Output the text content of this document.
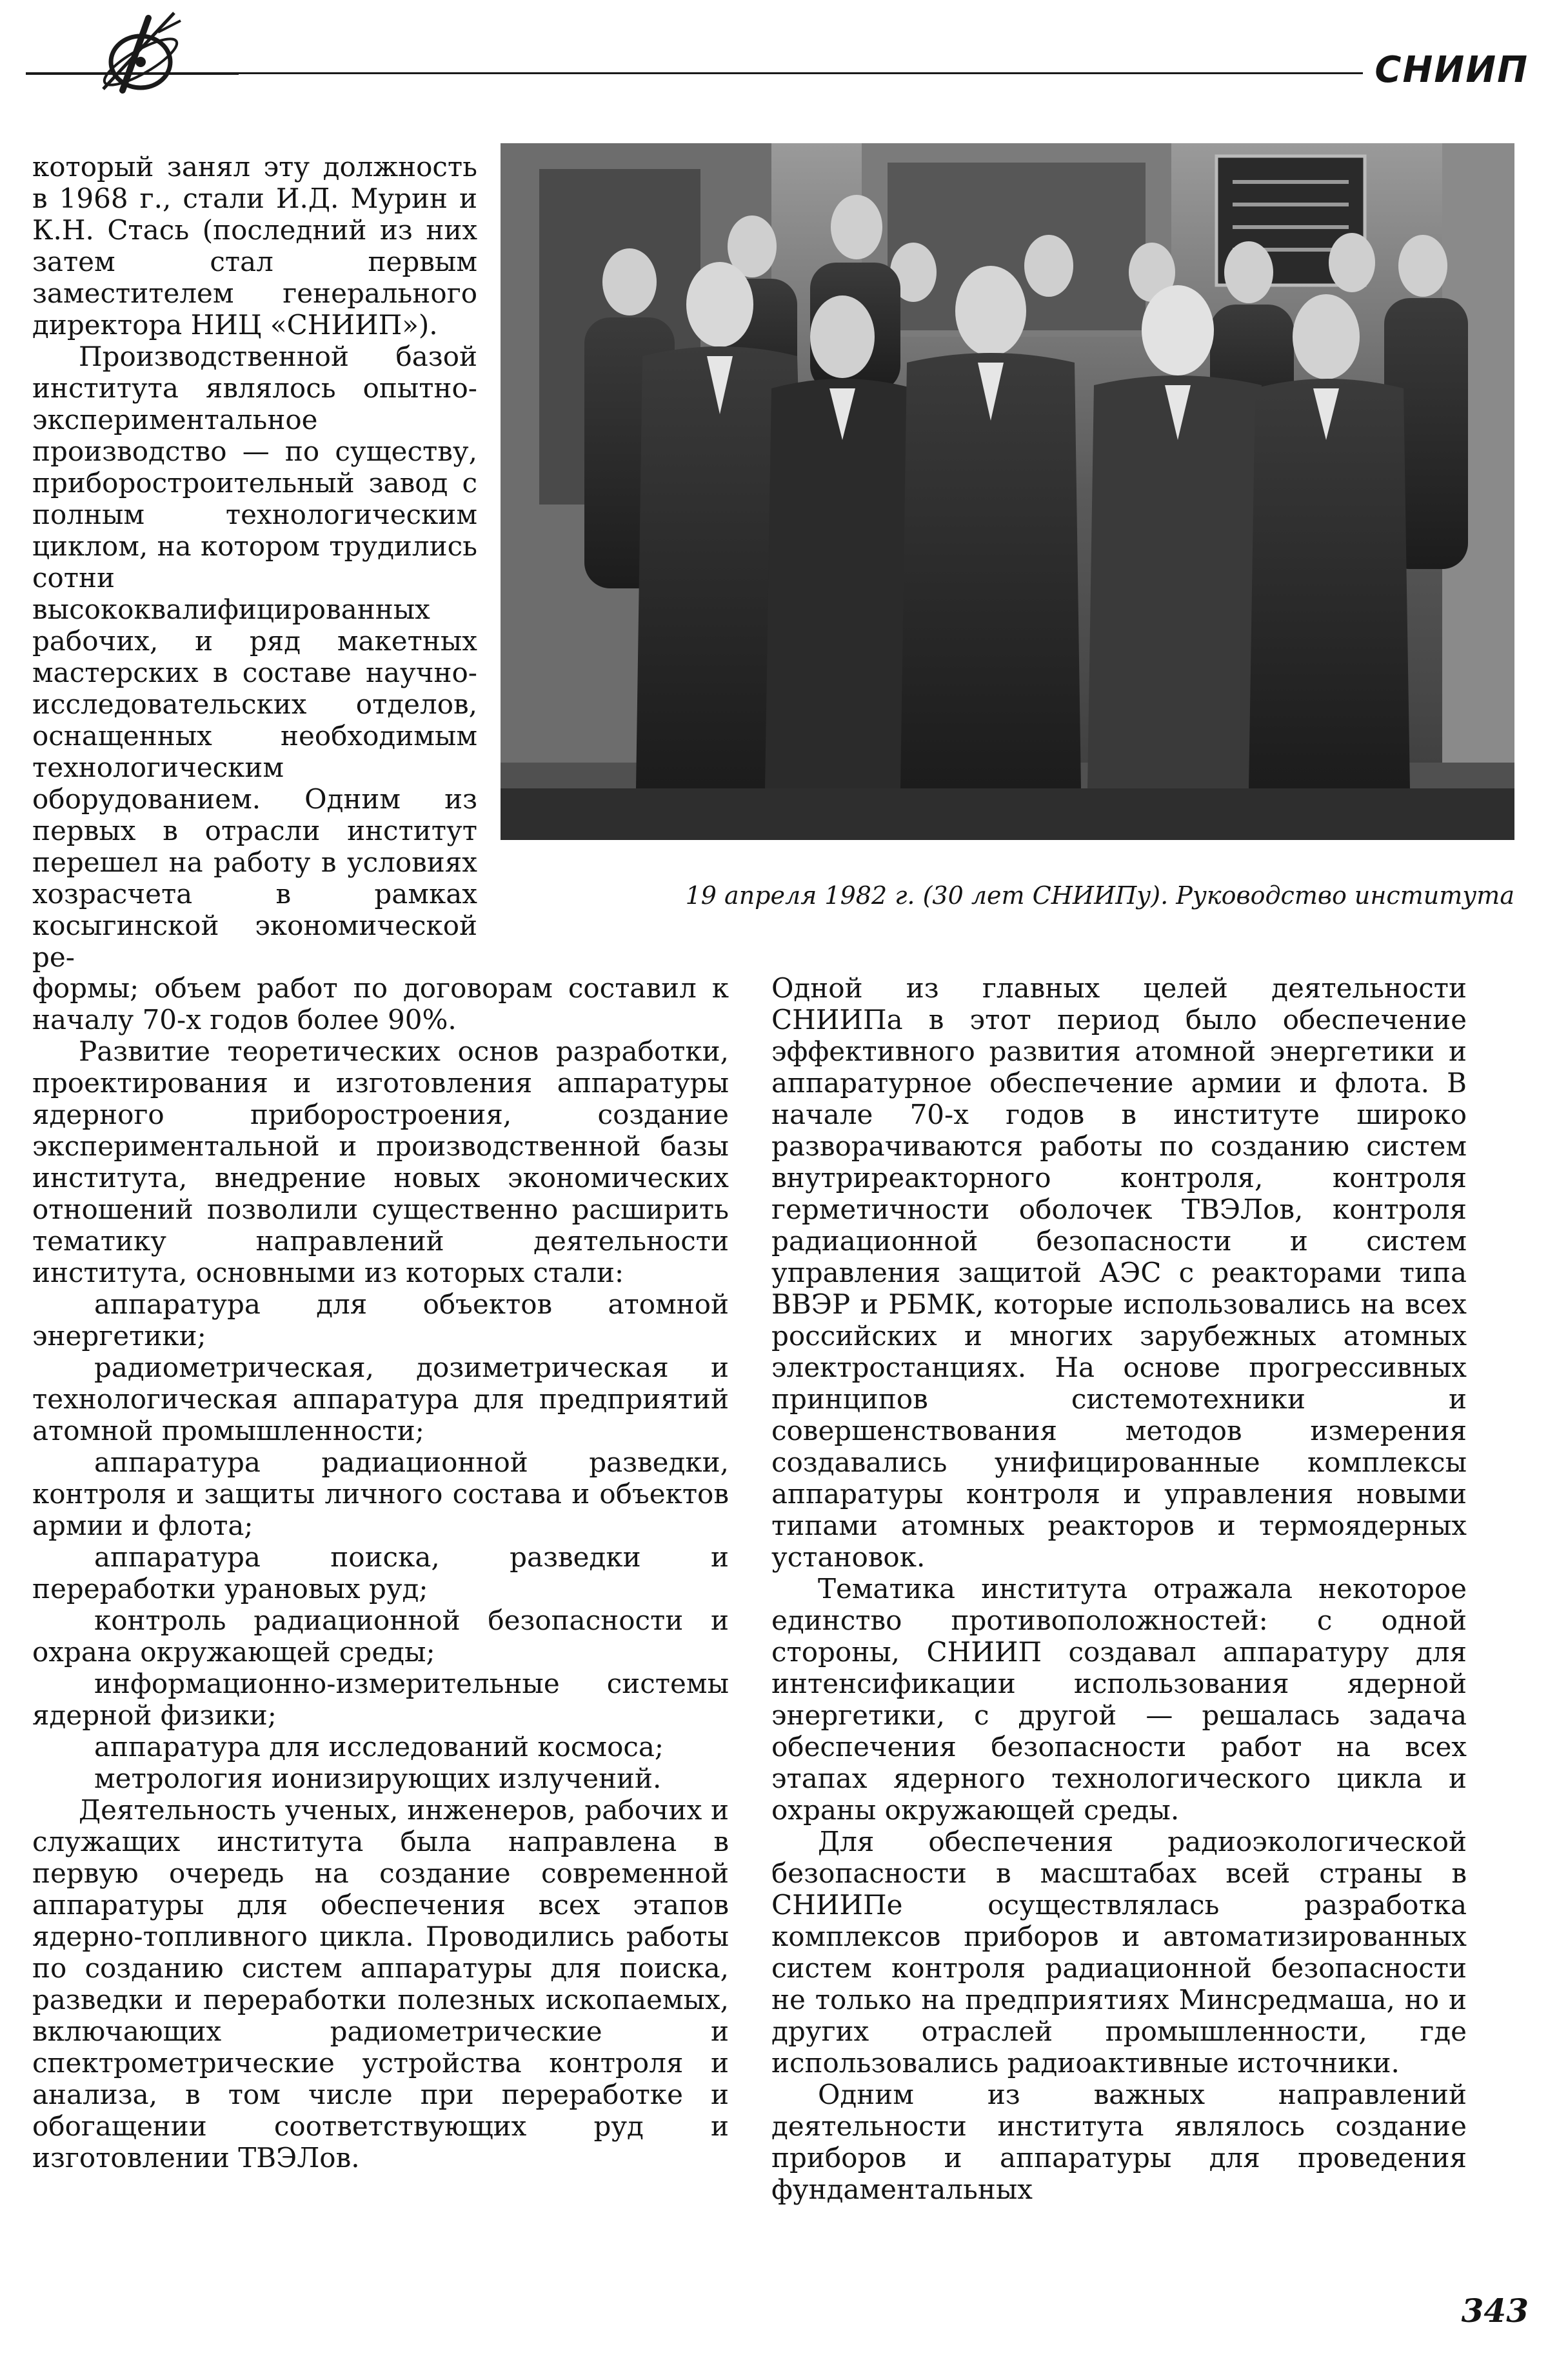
СНИИП
19 апреля 1982 г. (30 лет СНИИПу). Руководство института

который занял эту должность в 1968 г., стали И.Д. Мурин и К.Н. Стась (последний из них затем стал первым заместителем генерального директора НИЦ «СНИИП»).

Производственной базой института являлось опытно-экспериментальное производство — по существу, приборостроительный завод с полным технологическим циклом, на котором трудились сотни высококвалифицированных рабочих, и ряд макетных мастерских в составе научно-исследовательских отделов, оснащенных необходимым технологическим оборудованием. Одним из первых в отрасли институт перешел на работу в условиях хозрасчета в рамках косыгинской экономической ре-

формы; объем работ по договорам составил к началу 70-х годов более 90%.

Развитие теоретических основ разработки, проектирования и изготовления аппаратуры ядерного приборостроения, создание экспериментальной и производственной базы института, внедрение новых экономических отношений позволили существенно расширить тематику направлений деятельности института, основными из которых стали:

аппаратура для объектов атомной энергетики;

радиометрическая, дозиметрическая и технологическая аппаратура для предприятий атомной промышленности;

аппаратура радиационной разведки, контроля и защиты личного состава и объектов армии и флота;

аппаратура поиска, разведки и переработки урановых руд;

контроль радиационной безопасности и охрана окружающей среды;

информационно-измерительные системы ядерной физики;

аппаратура для исследований космоса;

метрология ионизирующих излучений.

Деятельность ученых, инженеров, рабочих и служащих института была направлена в первую очередь на создание современной аппаратуры для обеспечения всех этапов ядерно-топливного цикла. Проводились работы по созданию систем аппаратуры для поиска, разведки и переработки полезных ископаемых, включающих радиометрические и спектрометрические устройства контроля и анализа, в том числе при переработке и обогащении соответствующих руд и изготовлении ТВЭЛов.

Одной из главных целей деятельности СНИИПа в этот период было обеспечение эффективного развития атомной энергетики и аппаратурное обеспечение армии и флота. В начале 70-х годов в институте широко разворачиваются работы по созданию систем внутриреакторного контроля, контроля герметичности оболочек ТВЭЛов, контроля радиационной безопасности и систем управления защитой АЭС с реакторами типа ВВЭР и РБМК, которые использовались на всех российских и многих зарубежных атомных электростанциях. На основе прогрессивных принципов системотехники и совершенствования методов измерения создавались унифицированные комплексы аппаратуры контроля и управления новыми типами атомных реакторов и термоядерных установок.

Тематика института отражала некоторое единство противоположностей: с одной стороны, СНИИП создавал аппаратуру для интенсификации использования ядерной энергетики, с другой — решалась задача обеспечения безопасности работ на всех этапах ядерного технологического цикла и охраны окружающей среды.

Для обеспечения радиоэкологической безопасности в масштабах всей страны в СНИИПе осуществлялась разработка комплексов приборов и автоматизированных систем контроля радиационной безопасности не только на предприятиях Минсредмаша, но и других отраслей промышленности, где использовались радиоактивные источники.

Одним из важных направлений деятельности института являлось создание приборов и аппаратуры для проведения фундаментальных

343
